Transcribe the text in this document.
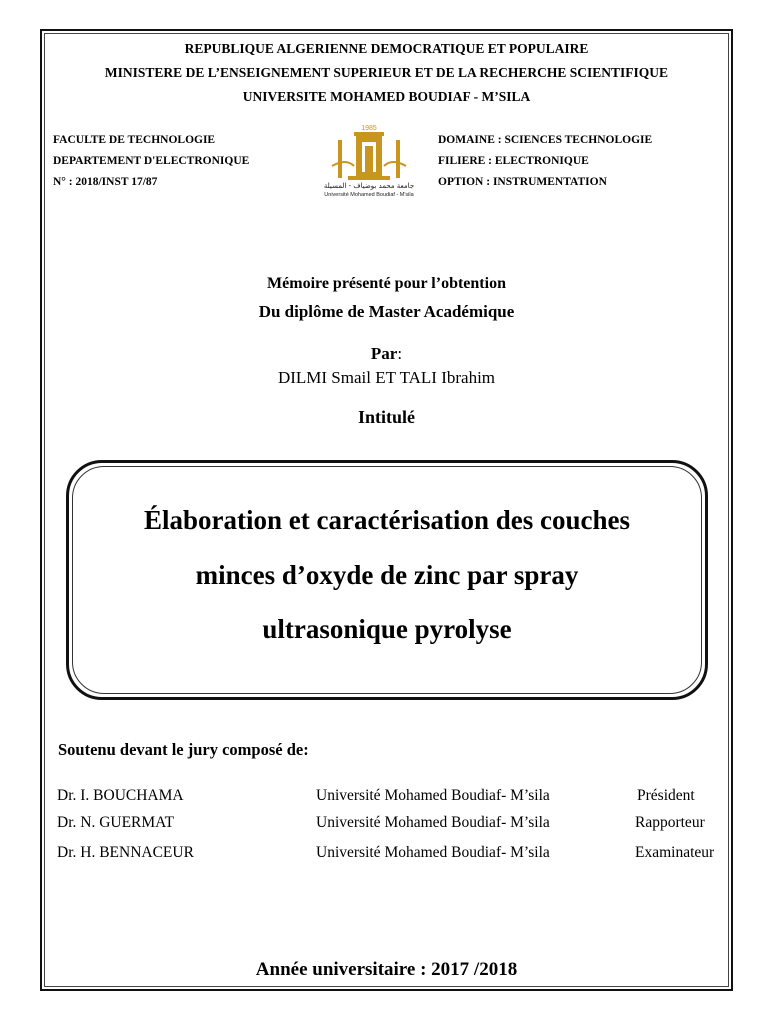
REPUBLIQUE ALGERIENNE DEMOCRATIQUE ET POPULAIRE
MINISTERE DE L’ENSEIGNEMENT SUPERIEUR ET DE LA RECHERCHE SCIENTIFIQUE
UNIVERSITE MOHAMED BOUDIAF - M’SILA
FACULTE DE TECHNOLOGIE
DEPARTEMENT D'ELECTRONIQUE
N° : 2018/INST 17/87
DOMAINE : SCIENCES TECHNOLOGIE
FILIERE : ELECTRONIQUE
OPTION : INSTRUMENTATION
1985
جامعة محمد بوضياف - المسيلة
Université Mohamed Boudiaf - M'sila
Mémoire présenté pour l’obtention
Du diplôme de Master Académique
Par:
DILMI Smail ET TALI Ibrahim
Intitulé
Élaboration et caractérisation des couches
minces d’oxyde de zinc par spray
ultrasonique pyrolyse
Soutenu devant le jury composé de:
Dr. I. BOUCHAMA	Université Mohamed Boudiaf- M’sila	Président
Dr. N. GUERMAT	Université Mohamed Boudiaf- M’sila	Rapporteur
Dr. H. BENNACEUR	Université Mohamed Boudiaf- M’sila	Examinateur
Année universitaire : 2017 /2018
